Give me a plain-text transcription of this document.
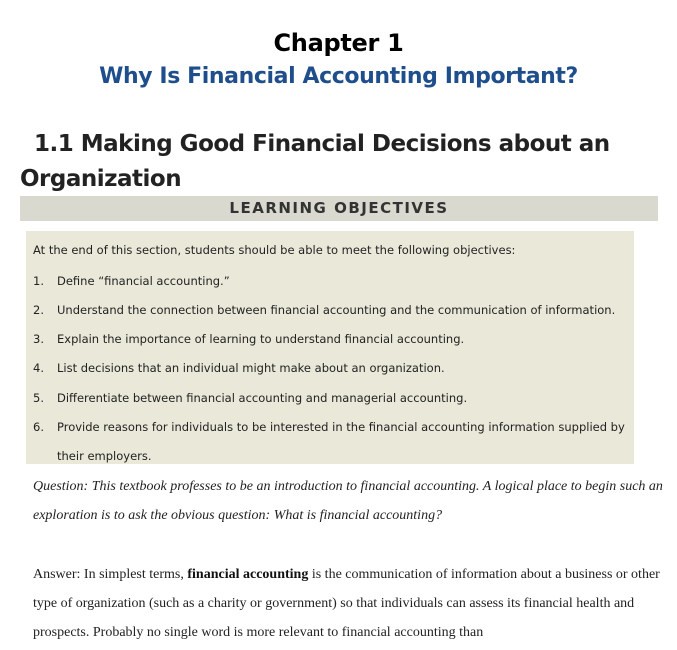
Chapter 1
Why Is Financial Accounting Important?
1.1 Making Good Financial Decisions about an
Organization
LEARNING OBJECTIVES
At the end of this section, students should be able to meet the following objectives:
1. Define “financial accounting.”
2. Understand the connection between financial accounting and the communication of information.
3. Explain the importance of learning to understand financial accounting.
4. List decisions that an individual might make about an organization.
5. Differentiate between financial accounting and managerial accounting.
6. Provide reasons for individuals to be interested in the financial accounting information supplied by their employers.
Question: This textbook professes to be an introduction to financial accounting. A logical place to begin such an exploration is to ask the obvious question: What is financial accounting?
Answer: In simplest terms, financial accounting is the communication of information about a business or other type of organization (such as a charity or government) so that individuals can assess its financial health and prospects. Probably no single word is more relevant to financial accounting than
